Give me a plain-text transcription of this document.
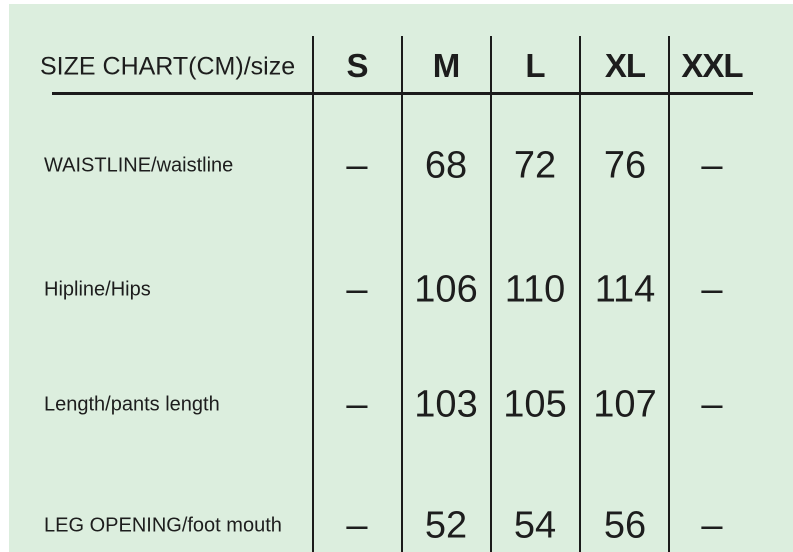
SIZE CHART(CM)/size S M L XL XXL
WAISTLINE/waistline	– 68 72 76 –
Hipline/Hips	– 106 110 114 –
Length/pants length	– 103 105 107 –
LEG OPENING/foot mouth – 52 54 56 –
